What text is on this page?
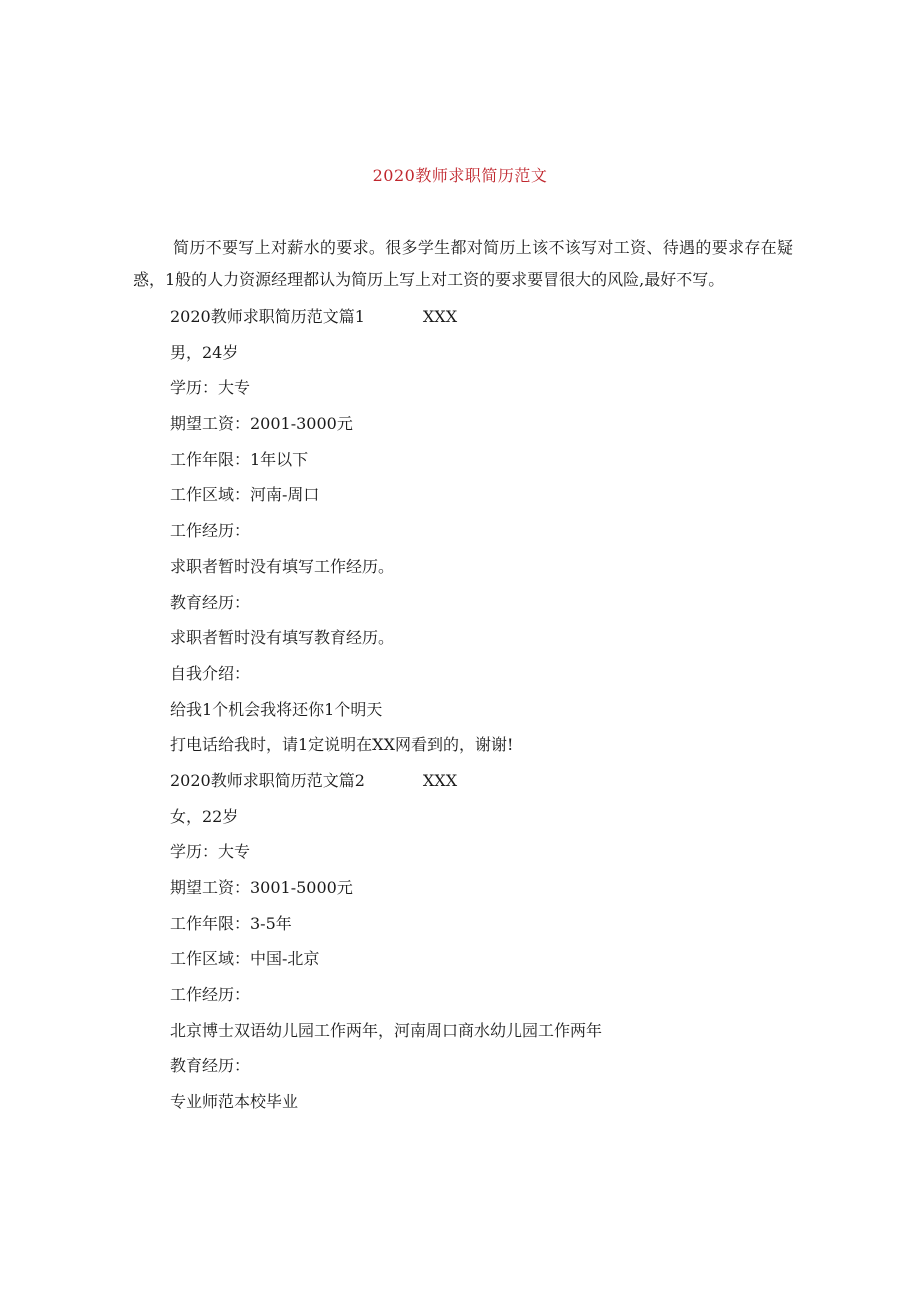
2020教师求职简历范文
简历不要写上对薪水的要求。很多学生都对简历上该不该写对工资、待遇的要求存在疑惑，1般的人力资源经理都认为简历上写上对工资的要求要冒很大的风险,最好不写。
2020教师求职简历范文篇1	XXX
男，24岁
学历：大专
期望工资：2001-3000元
工作年限：1年以下
工作区域：河南-周口
工作经历：
求职者暂时没有填写工作经历。
教育经历：
求职者暂时没有填写教育经历。
自我介绍：
给我1个机会我将还你1个明天
打电话给我时，请1定说明在XX网看到的，谢谢!
2020教师求职简历范文篇2	XXX
女，22岁
学历：大专
期望工资：3001-5000元
工作年限：3-5年
工作区域：中国-北京
工作经历：
北京博士双语幼儿园工作两年，河南周口商水幼儿园工作两年
教育经历：
专业师范本校毕业
